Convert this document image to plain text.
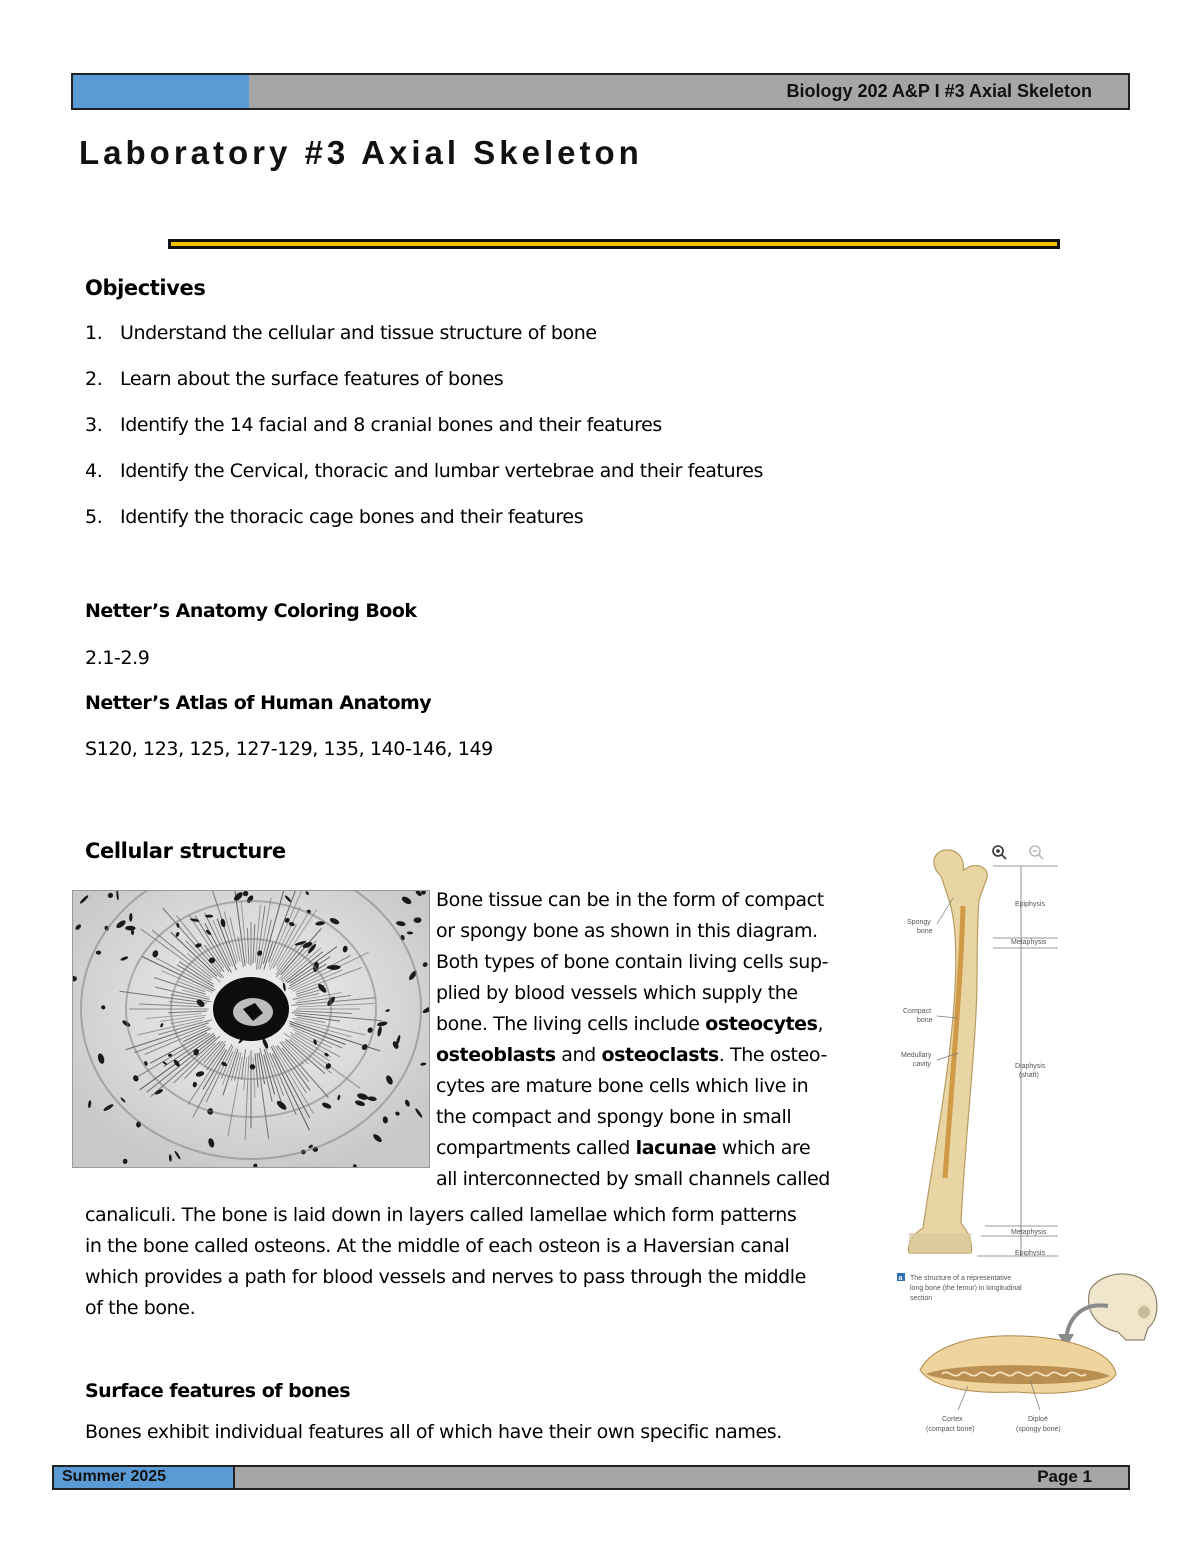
Biology 202 A&P I #3 Axial Skeleton
Laboratory #3 Axial Skeleton
Objectives
1. Understand the cellular and tissue structure of bone
2. Learn about the surface features of bones
3. Identify the 14 facial and 8 cranial bones and their features
4. Identify the Cervical, thoracic and lumbar vertebrae and their features
5. Identify the thoracic cage bones and their features
Netter’s Anatomy Coloring Book
2.1-2.9
Netter’s Atlas of Human Anatomy
S120, 123, 125, 127-129, 135, 140-146, 149
Cellular structure
Bone tissue can be in the form of compact
or spongy bone as shown in this diagram.
Both types of bone contain living cells sup-
plied by blood vessels which supply the
bone. The living cells include osteocytes,
osteoblasts and osteoclasts. The osteo-
cytes are mature bone cells which live in
the compact and spongy bone in small
compartments called lacunae which are
all interconnected by small channels called
canaliculi. The bone is laid down in layers called lamellae which form patterns
in the bone called osteons. At the middle of each osteon is a Haversian canal
which provides a path for blood vessels and nerves to pass through the middle
of the bone.
Surface features of bones
Bones exhibit individual features all of which have their own specific names.
Epiphysis
Metaphysis
Diaphysis
(shaft)
Metaphysis
Epiphysis
Spongy
bone
Compact
bone
Medullary
cavity
a The structure of a representative
long bone (the femur) in longitudinal
section
Cortex
(compact bone)
Diploë
(spongy bone)
Summer 2025	Page 1
